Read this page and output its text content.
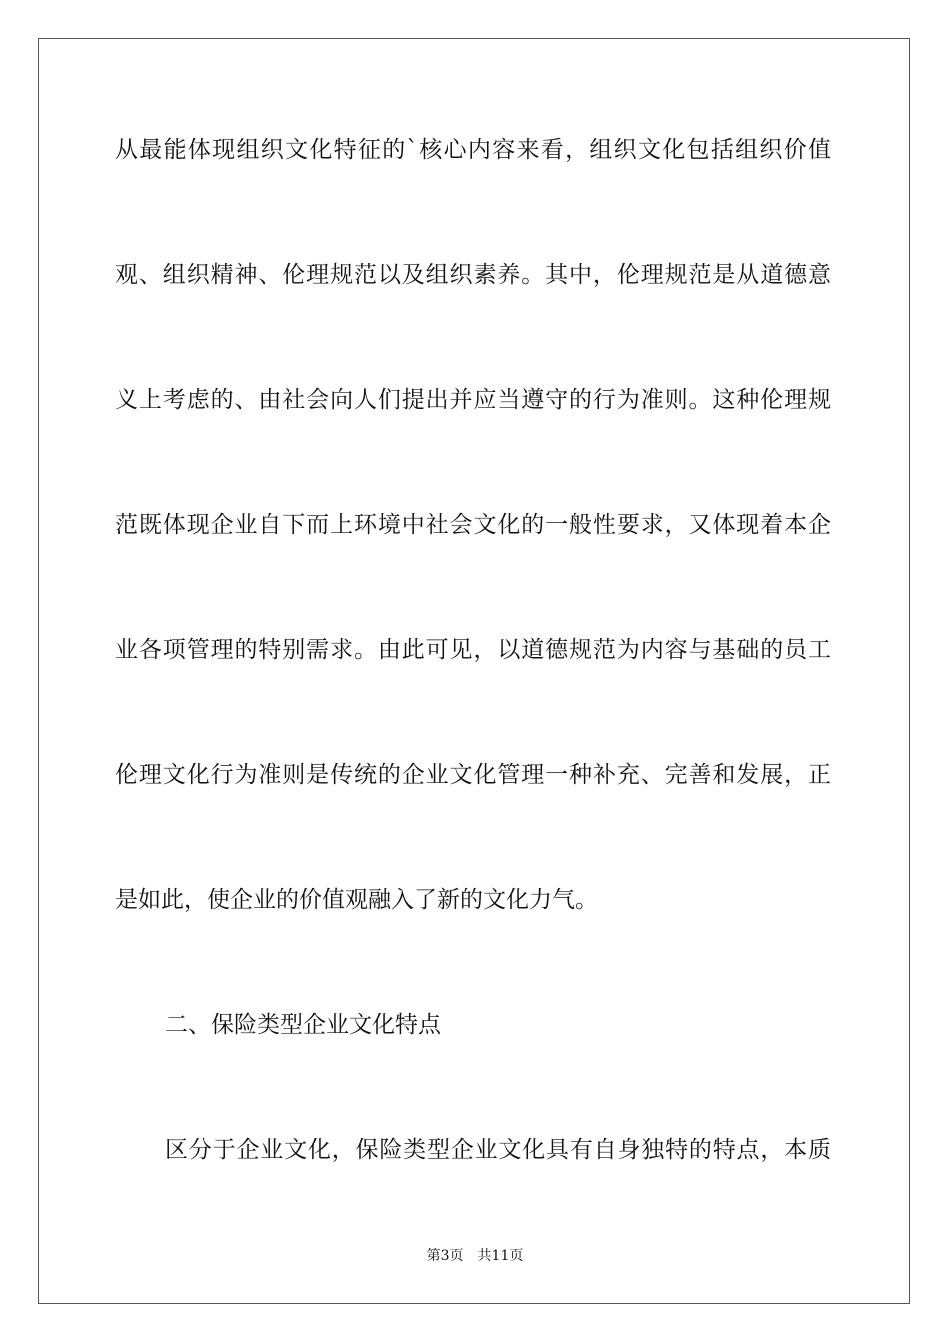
从最能体现组织文化特征的`核心内容来看，组织文化包括组织价值
观、组织精神、伦理规范以及组织素养。其中，伦理规范是从道德意
义上考虑的、由社会向人们提出并应当遵守的行为准则。这种伦理规
范既体现企业自下而上环境中社会文化的一般性要求，又体现着本企
业各项管理的特别需求。由此可见，以道德规范为内容与基础的员工
伦理文化行为准则是传统的企业文化管理一种补充、完善和发展，正
是如此，使企业的价值观融入了新的文化力气。
二、保险类型企业文化特点
区分于企业文化，保险类型企业文化具有自身独特的特点，本质
第3页 共11页
